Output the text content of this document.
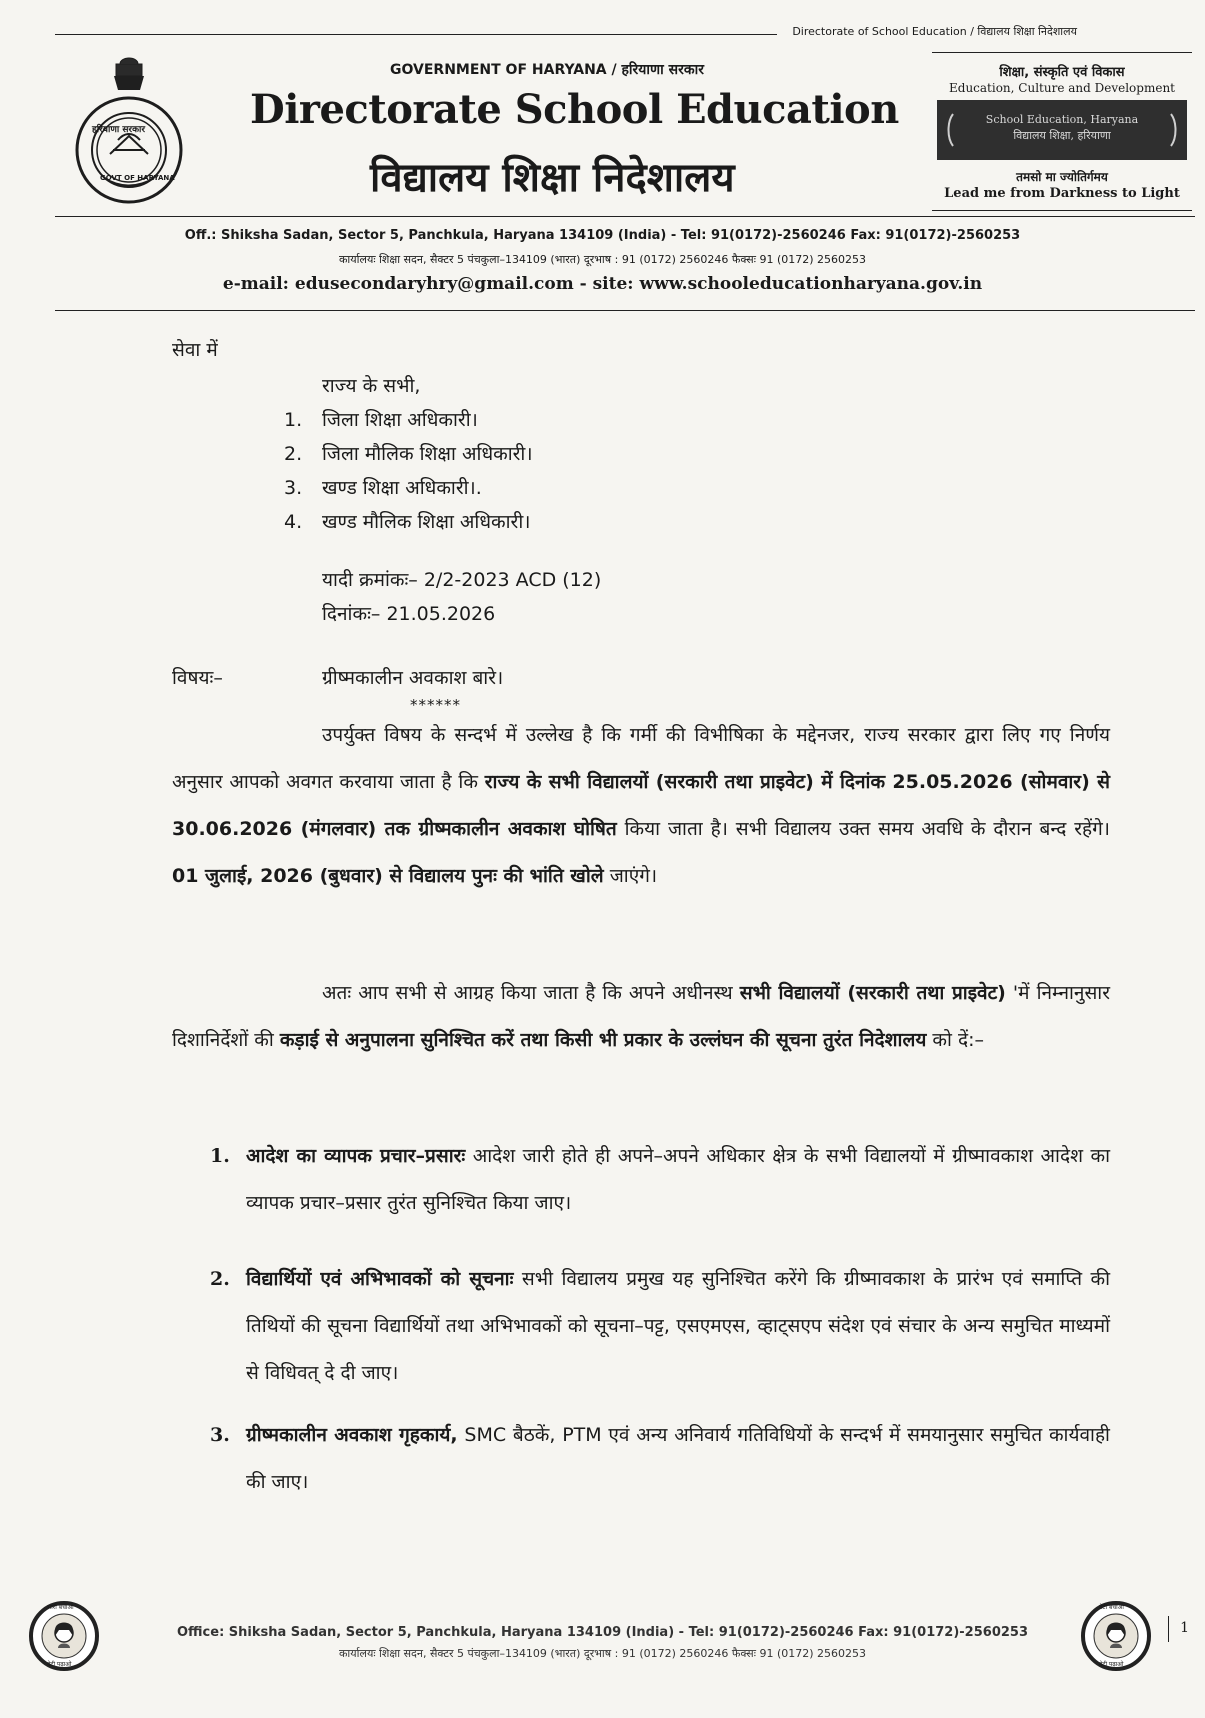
Directorate of School Education / विद्यालय शिक्षा निदेशालय
हरियाणा सरकार
GOVT OF HARYANA
GOVERNMENT OF HARYANA / हरियाणा सरकार
Directorate School Education
विद्यालय शिक्षा निदेशालय
शिक्षा, संस्कृति एवं विकास
Education, Culture and Development
School Education, Haryana
विद्यालय शिक्षा, हरियाणा
तमसो मा ज्योतिर्गमय
Lead me from Darkness to Light
Off.: Shiksha Sadan, Sector 5, Panchkula, Haryana 134109 (India) - Tel: 91(0172)-2560246 Fax: 91(0172)-2560253
कार्यालयः शिक्षा सदन, सैक्टर 5 पंचकुला–134109 (भारत) दूरभाष : 91 (0172) 2560246 फैक्सः 91 (0172) 2560253
e-mail: edusecondaryhry@gmail.com - site: www.schooleducationharyana.gov.in
सेवा में
राज्य के सभी,
1. जिला शिक्षा अधिकारी।
2. जिला मौलिक शिक्षा अधिकारी।
3. खण्ड शिक्षा अधिकारी।.
4. खण्ड मौलिक शिक्षा अधिकारी।
यादी क्रमांकः– 2/2-2023 ACD (12)
दिनांकः– 21.05.2026
विषयः–	ग्रीष्मकालीन अवकाश बारे।
******
उपर्युक्त विषय के सन्दर्भ में उल्लेख है कि गर्मी की विभीषिका के मद्देनजर, राज्य सरकार द्वारा लिए गए निर्णय अनुसार आपको अवगत करवाया जाता है कि राज्य के सभी विद्यालयों (सरकारी तथा प्राइवेट) में दिनांक 25.05.2026 (सोमवार) से 30.06.2026 (मंगलवार) तक ग्रीष्मकालीन अवकाश घोषित किया जाता है। सभी विद्यालय उक्त समय अवधि के दौरान बन्द रहेंगे। 01 जुलाई, 2026 (बुधवार) से विद्यालय पुनः की भांति खोले जाएंगे।
अतः आप सभी से आग्रह किया जाता है कि अपने अधीनस्थ सभी विद्यालयों (सरकारी तथा प्राइवेट) 'में निम्नानुसार दिशानिर्देशों की कड़ाई से अनुपालना सुनिश्चित करें तथा किसी भी प्रकार के उल्लंघन की सूचना तुरंत निदेशालय को दें:–
1. आदेश का व्यापक प्रचार–प्रसारः आदेश जारी होते ही अपने–अपने अधिकार क्षेत्र के सभी विद्यालयों में ग्रीष्मावकाश आदेश का व्यापक प्रचार–प्रसार तुरंत सुनिश्चित किया जाए।
2. विद्यार्थियों एवं अभिभावकों को सूचनाः सभी विद्यालय प्रमुख यह सुनिश्चित करेंगे कि ग्रीष्मावकाश के प्रारंभ एवं समाप्ति की तिथियों की सूचना विद्यार्थियों तथा अभिभावकों को सूचना–पट्ट, एसएमएस, व्हाट्सएप संदेश एवं संचार के अन्य समुचित माध्यमों से विधिवत् दे दी जाए।
3. ग्रीष्मकालीन अवकाश गृहकार्य, SMC बैठकें, PTM एवं अन्य अनिवार्य गतिविधियों के सन्दर्भ में समयानुसार समुचित कार्यवाही की जाए।
भारी बचाओ
बेटी पढ़ाओ
Office: Shiksha Sadan, Sector 5, Panchkula, Haryana 134109 (India) - Tel: 91(0172)-2560246 Fax: 91(0172)-2560253
कार्यालयः शिक्षा सदन, सैक्टर 5 पंचकुला–134109 (भारत) दूरभाष : 91 (0172) 2560246 फैक्सः 91 (0172) 2560253
बेटी बचाओ
बेटी पढ़ाओ
1
